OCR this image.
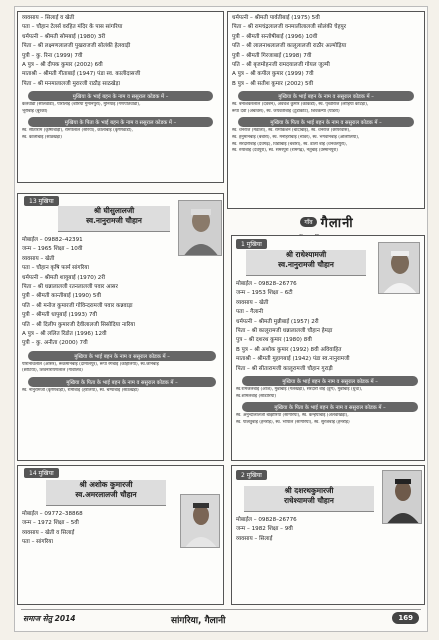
व्यवसाय – सिलाई व खेती
पता – चौहान टेलर्स वरहित मंदिर के पास सांगरिया
धर्मपत्नी – श्रीमती सोमबाई (1980) 3री
पिता – श्री लक्ष्मणलालजी पुखराजजी सोलंकी हेलवाड़ी
पुत्री – कु. रिना (1999) 7वी
A पुत्र – श्री दीपक कुमार (2002) 6वी
माताश्री – श्रीमती गीताबाई (1947) पंडा स्व. कालीदासजी
पिता – श्री मनमालालजी मुरारजी राठौड़ साठखेड़ा
मुखिया के भाई बहन के नाम व ससुराल कोडक में –
केलवाडी (सीलवाडी), पारोलाई (बोरिया गुमानपुरा), मुनियाई (गणपतिवाडी),
भूरीबाई (बुरकी)
मुखिया के पिता के भाई बहन के नाम व ससुराल कोडक में –
स्व. सीताराम (कृष्णबाड़ी), रामपैलाल (सरिया), कालाबाई (कृष्णवाडी),
स्व. कालीबाई (साठखेड़ा)
धर्मपत्नी – श्रीमती पार्वतीबाई (1975) 5वी
पिता – श्री रामचंद्रलालजी वनमालीलालजी सोलंकी चेहपुर
पुत्री – श्रीमती सन्तोषीबाई (1996) 10वी
पति – श्री लालनाथलालजी कालूलालजी राठौर अल्मोड़िया
पुत्री – श्रीमती गिरजाबाई (1998) 7वी
पति – श्री बृजमोहनजी रामदयालजी गोयल जुल्मी
A पुत्र – श्री कपील कुमार (1999) 7वी
B पुत्र – श्री सतीश कुमार (2002) 5वी
मुखिया के भाई बहन के नाम व ससुराल कोडक में –
स्व. बनाशकरलाल (देवबन), अवधेश कुमार (कांकडी), स्व. पृथ्वीराज (लोहिया कोटड़ा),
रूपा देवी (अंबावस), स्व. जयवंतीबाई (टूंडाकोट), शिवकन्या (पांडरा)
मुखिया के पिता के भाई बहन के नाम व ससुराल कोडक में –
स्व. धनराज (मंडाला), स्व. रामकिशन (बादाबाई), स्व. धनराज (छापरवास),
स्व. हनुमानबाई (बंबोरा), स्व. मनोहरीबाई (ब्यवर), स्व. भगवानबाई (ओलोलिया),
स्व. सरदारीबाई (देवगढ़), विद्याबाई (बंबोरा), स्व. डाली बाई (धनवलपुरा),
स्व. रुपाबाई (देवपुरा), स्व. समरपुरा (रामगढ़), नेतुबाई (उस्मानपुरा)
गाँव गैलानी
13 मुखिया
श्री घीसुलालजी
स्व.नानुरामजी चौहान
मोबाईल – 09882–42391
जन्म – 1965 शिक्षा – 10वी
व्यवसाय – खेती
पता – चौहान कृषि फार्म सांगरिया
धर्मपत्नी – श्रीमती शायुबाई (1970) 2री
पिता – श्री धन्नालालजी रतनलालजी पवार आसर
पुत्री – श्रीमती कान्तीबाई (1990) 5वी
पति – श्री मनोज कुमारजी गोविन्दरामजी पवार कन्नवाड़ा
पुत्री – श्रीमती धापुबाई (1993) 7वी
पति – श्री दिलीप कुमारजी देवीलालजी सिसोदिया नारिया
A पुत्र – श्री ललित रिंडोत (1996) 12वी
पुत्री – कु. अनीता (2000) 7वी
मुखिया के भाई बहन के नाम व ससुराल कोडक में –
पीरानाथलाल (आसर), रूकमानबाई (दामालपुर), रूपा रंगबाई (कोहेलिया), स्व.जानबाई
(छोटिया), शिवनारायणलाल (गांवीलेव)
मुखिया के पिता के भाई बहन के नाम व ससुराल कोडक में –
स्व. नानुरामजी (कृष्णबाड़ी), रामीबाई (हरलिया), स्व. चम्पाबाई (साठखेड़ा)
1 मुखिया
श्री राधेश्यामजी
स्व.नानुरामजी चौहान
मोबाईल – 09828–26776
जन्म – 1953 शिक्षा – 6टी
व्यवसाय – खेती
पता – गैलानी
धर्मपत्नी – श्रीमती मुन्नीबाई (1957) 2री
पिता – श्री कालूरामजी धन्नालालजी चौहान हेमड़ा
पुत्र – श्री दशरथ कुमार (1980) 8वी
B पुत्र – श्री अशोक कुमार (1992) 8वी अविवाहित
माताश्री – श्रीमती मुहागबाई (1942) पंडा स्व.नानुरामजी
पिता – श्री सीतारामजी कालूरामजी चौहान गुराड़ी
मुखिया के भाई बहन के नाम व ससुराल कोडक में –
स्व.रामजलबाई (आज), मुन्नाबाई (गलखड़ा), सरदारी बाई (डूंग), मुन्नीबाई (धुंधा),
स्व.शोमलबाई (सोडारिया)
मुखिया के पिता के भाई बहन के नाम व ससुराल कोडक में –
स्व. अनुन्दीलालजी बाझोरिया (सांगरिया), स्व. कन्हैयाबाई (अलवाखेड़ा),
स्व. पालतुबाई (हनरोड़), स्व. भोपाल (सांगरिया), स्व. सुरजबाई (हनरोड़)
14 मुखिया
श्री अशोक कुमारजी
स्व.अमरलालजी चौहान
मोबाईल – 09772–38868
जन्म – 1972 शिक्षा – 5वी
व्यवसाय – खेती व सिलाई
पता – सांगरिया
2 मुखिया
श्री दशरथकुमारजी
राधेश्यामजी चौहान
मोबाईल – 09828–26776
जन्म – 1982 शिक्षा – 9वी
व्यवसाय – सिलाई
समाज सेतु 2014	सांगरिया, गैलानी	169
